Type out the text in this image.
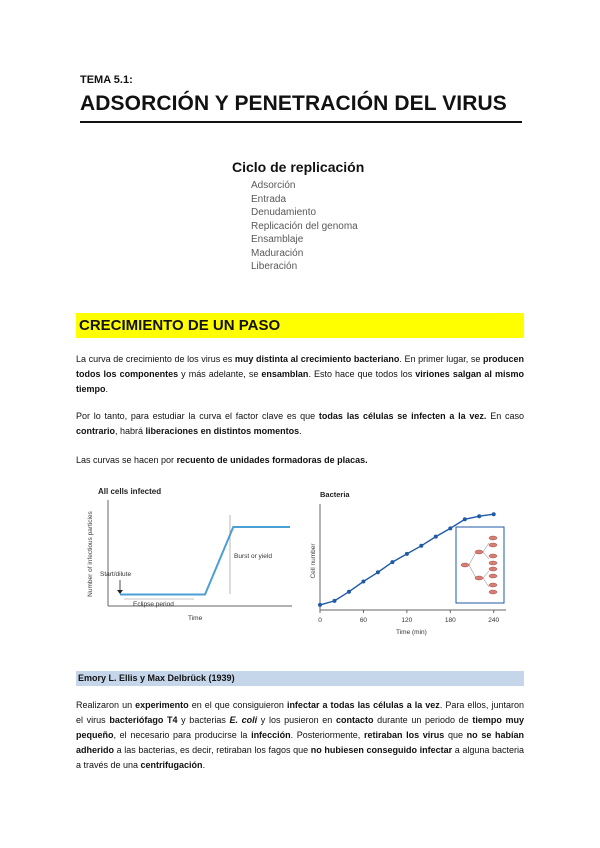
TEMA 5.1:
ADSORCIÓN Y PENETRACIÓN DEL VIRUS
Ciclo de replicación
Adsorción
Entrada
Denudamiento
Replicación del genoma
Ensamblaje
Maduración
Liberación
CRECIMIENTO DE UN PASO
La curva de crecimiento de los virus es muy distinta al crecimiento bacteriano. En primer lugar, se producen todos los componentes y más adelante, se ensamblan. Esto hace que todos los viriones salgan al mismo tiempo.
Por lo tanto, para estudiar la curva el factor clave es que todas las células se infecten a la vez. En caso contrario, habrá liberaciones en distintos momentos.
Las curvas se hacen por recuento de unidades formadoras de placas.
All cells infected
Number of infectious particles Start/dilute
Eclipse period
Burst or yield
Time
Bacteria
Cell number
0	60	120	180	240
Time (min)
Emory L. Ellis y Max Delbrück (1939)
Realizaron un experimento en el que consiguieron infectar a todas las células a la vez. Para ellos, juntaron el virus bacteriófago T4 y bacterias E. coli y los pusieron en contacto durante un periodo de tiempo muy pequeño, el necesario para producirse la infección. Posteriormente, retiraban los virus que no se habían adherido a las bacterias, es decir, retiraban los fagos que no hubiesen conseguido infectar a alguna bacteria a través de una centrifugación.
